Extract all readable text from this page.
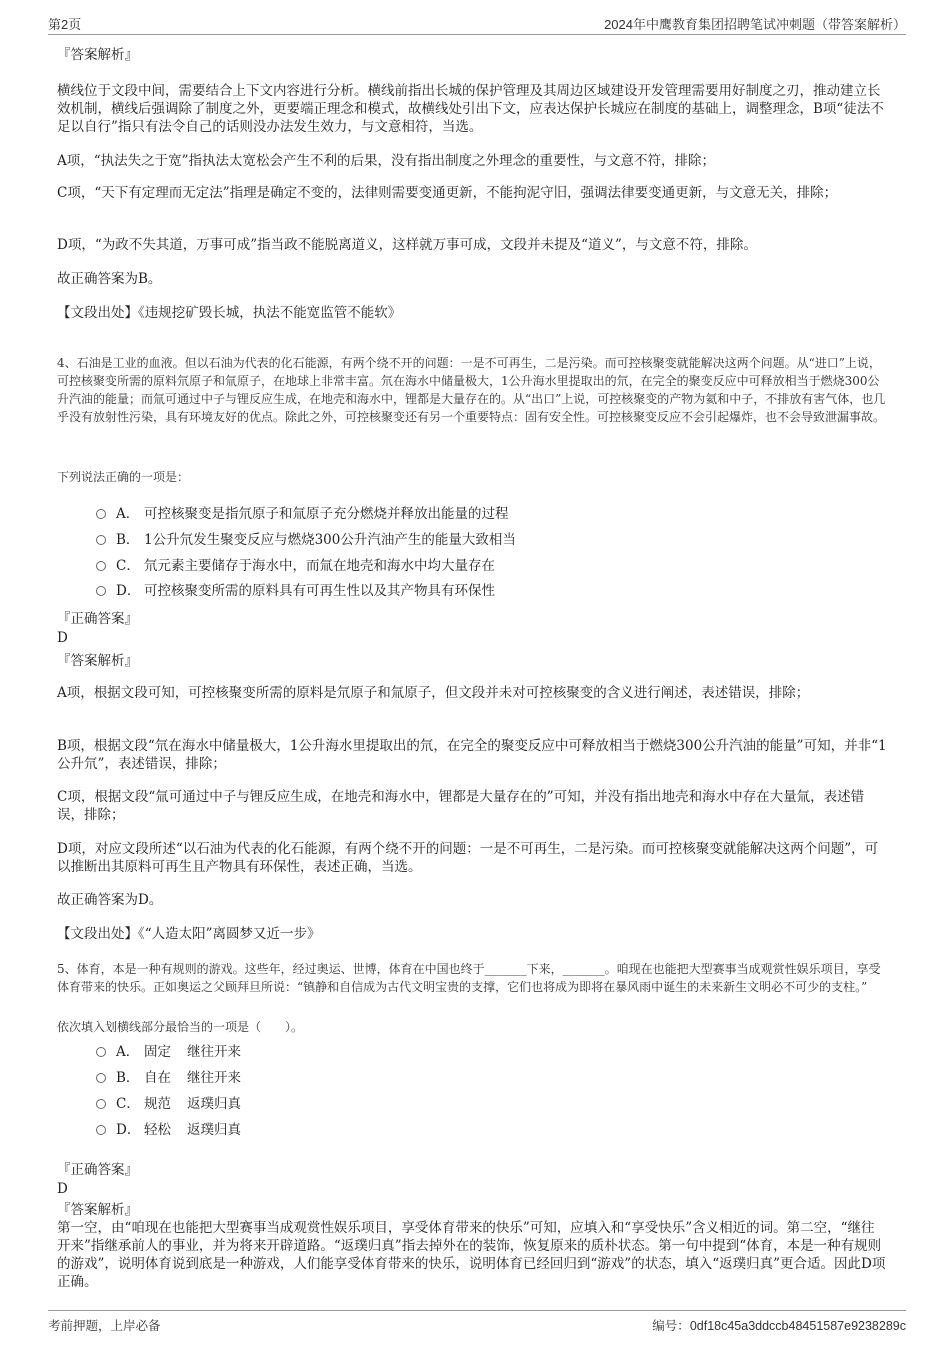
第2页	2024年中鹰教育集团招聘笔试冲刺题（带答案解析）

『答案解析』

横线位于文段中间，需要结合上下文内容进行分析。横线前指出长城的保护管理及其周边区域建设开发管理需要用好制度之刃，推动建立长效机制，横线后强调除了制度之外，更要端正理念和模式，故横线处引出下文，应表达保护长城应在制度的基础上，调整理念，B项“徒法不足以自行”指只有法令自己的话则没办法发生效力，与文意相符，当选。

A项，“执法失之于宽”指执法太宽松会产生不利的后果，没有指出制度之外理念的重要性，与文意不符，排除；

C项，“天下有定理而无定法”指理是确定不变的，法律则需要变通更新，不能拘泥守旧，强调法律要变通更新，与文意无关，排除；

D项，“为政不失其道，万事可成”指当政不能脱离道义，这样就万事可成，文段并未提及“道义”，与文意不符，排除。

故正确答案为B。

【文段出处】《违规挖矿毁长城，执法不能宽监管不能软》

4、石油是工业的血液。但以石油为代表的化石能源，有两个绕不开的问题：一是不可再生，二是污染。而可控核聚变就能解决这两个问题。从“进口”上说，可控核聚变所需的原料氘原子和氚原子，在地球上非常丰富。氘在海水中储量极大，1公升海水里提取出的氘，在完全的聚变反应中可释放相当于燃烧300公升汽油的能量；而氚可通过中子与锂反应生成，在地壳和海水中，锂都是大量存在的。从“出口”上说，可控核聚变的产物为氦和中子，不排放有害气体，也几乎没有放射性污染，具有环境友好的优点。除此之外，可控核聚变还有另一个重要特点：固有安全性。可控核聚变反应不会引起爆炸，也不会导致泄漏事故。

下列说法正确的一项是：

A． 可控核聚变是指氘原子和氚原子充分燃烧并释放出能量的过程
B． 1公升氘发生聚变反应与燃烧300公升汽油产生的能量大致相当
C． 氘元素主要储存于海水中，而氚在地壳和海水中均大量存在
D． 可控核聚变所需的原料具有可再生性以及其产物具有环保性

『正确答案』

D

『答案解析』

A项，根据文段可知，可控核聚变所需的原料是氘原子和氚原子，但文段并未对可控核聚变的含义进行阐述，表述错误，排除；

B项，根据文段“氘在海水中储量极大，1公升海水里提取出的氘，在完全的聚变反应中可释放相当于燃烧300公升汽油的能量”可知，并非“1公升氘”，表述错误，排除；

C项，根据文段“氚可通过中子与锂反应生成，在地壳和海水中，锂都是大量存在的”可知，并没有指出地壳和海水中存在大量氚，表述错误，排除；

D项，对应文段所述“以石油为代表的化石能源，有两个绕不开的问题：一是不可再生，二是污染。而可控核聚变就能解决这两个问题”，可以推断出其原料可再生且产物具有环保性，表述正确，当选。

故正确答案为D。

【文段出处】《“人造太阳”离圆梦又近一步》

5、体育，本是一种有规则的游戏。这些年，经过奥运、世博，体育在中国也终于_______下来，_______。咱现在也能把大型赛事当成观赏性娱乐项目，享受体育带来的快乐。正如奥运之父顾拜旦所说：“镇静和自信成为古代文明宝贵的支撑，它们也将成为即将在暴风雨中诞生的未来新生文明必不可少的支柱。”

依次填入划横线部分最恰当的一项是（　　）。

A． 固定 继往开来
B． 自在 继往开来
C． 规范 返璞归真
D． 轻松 返璞归真

『正确答案』

D

『答案解析』

第一空，由“咱现在也能把大型赛事当成观赏性娱乐项目，享受体育带来的快乐”可知，应填入和“享受快乐”含义相近的词。第二空，“继往开来”指继承前人的事业，并为将来开辟道路。“返璞归真”指去掉外在的装饰，恢复原来的质朴状态。第一句中提到“体育，本是一种有规则的游戏”，说明体育说到底是一种游戏，人们能享受体育带来的快乐，说明体育已经回归到“游戏”的状态，填入“返璞归真”更合适。因此D项正确。

考前押题，上岸必备	编号：0df18c45a3ddccb48451587e9238289c
